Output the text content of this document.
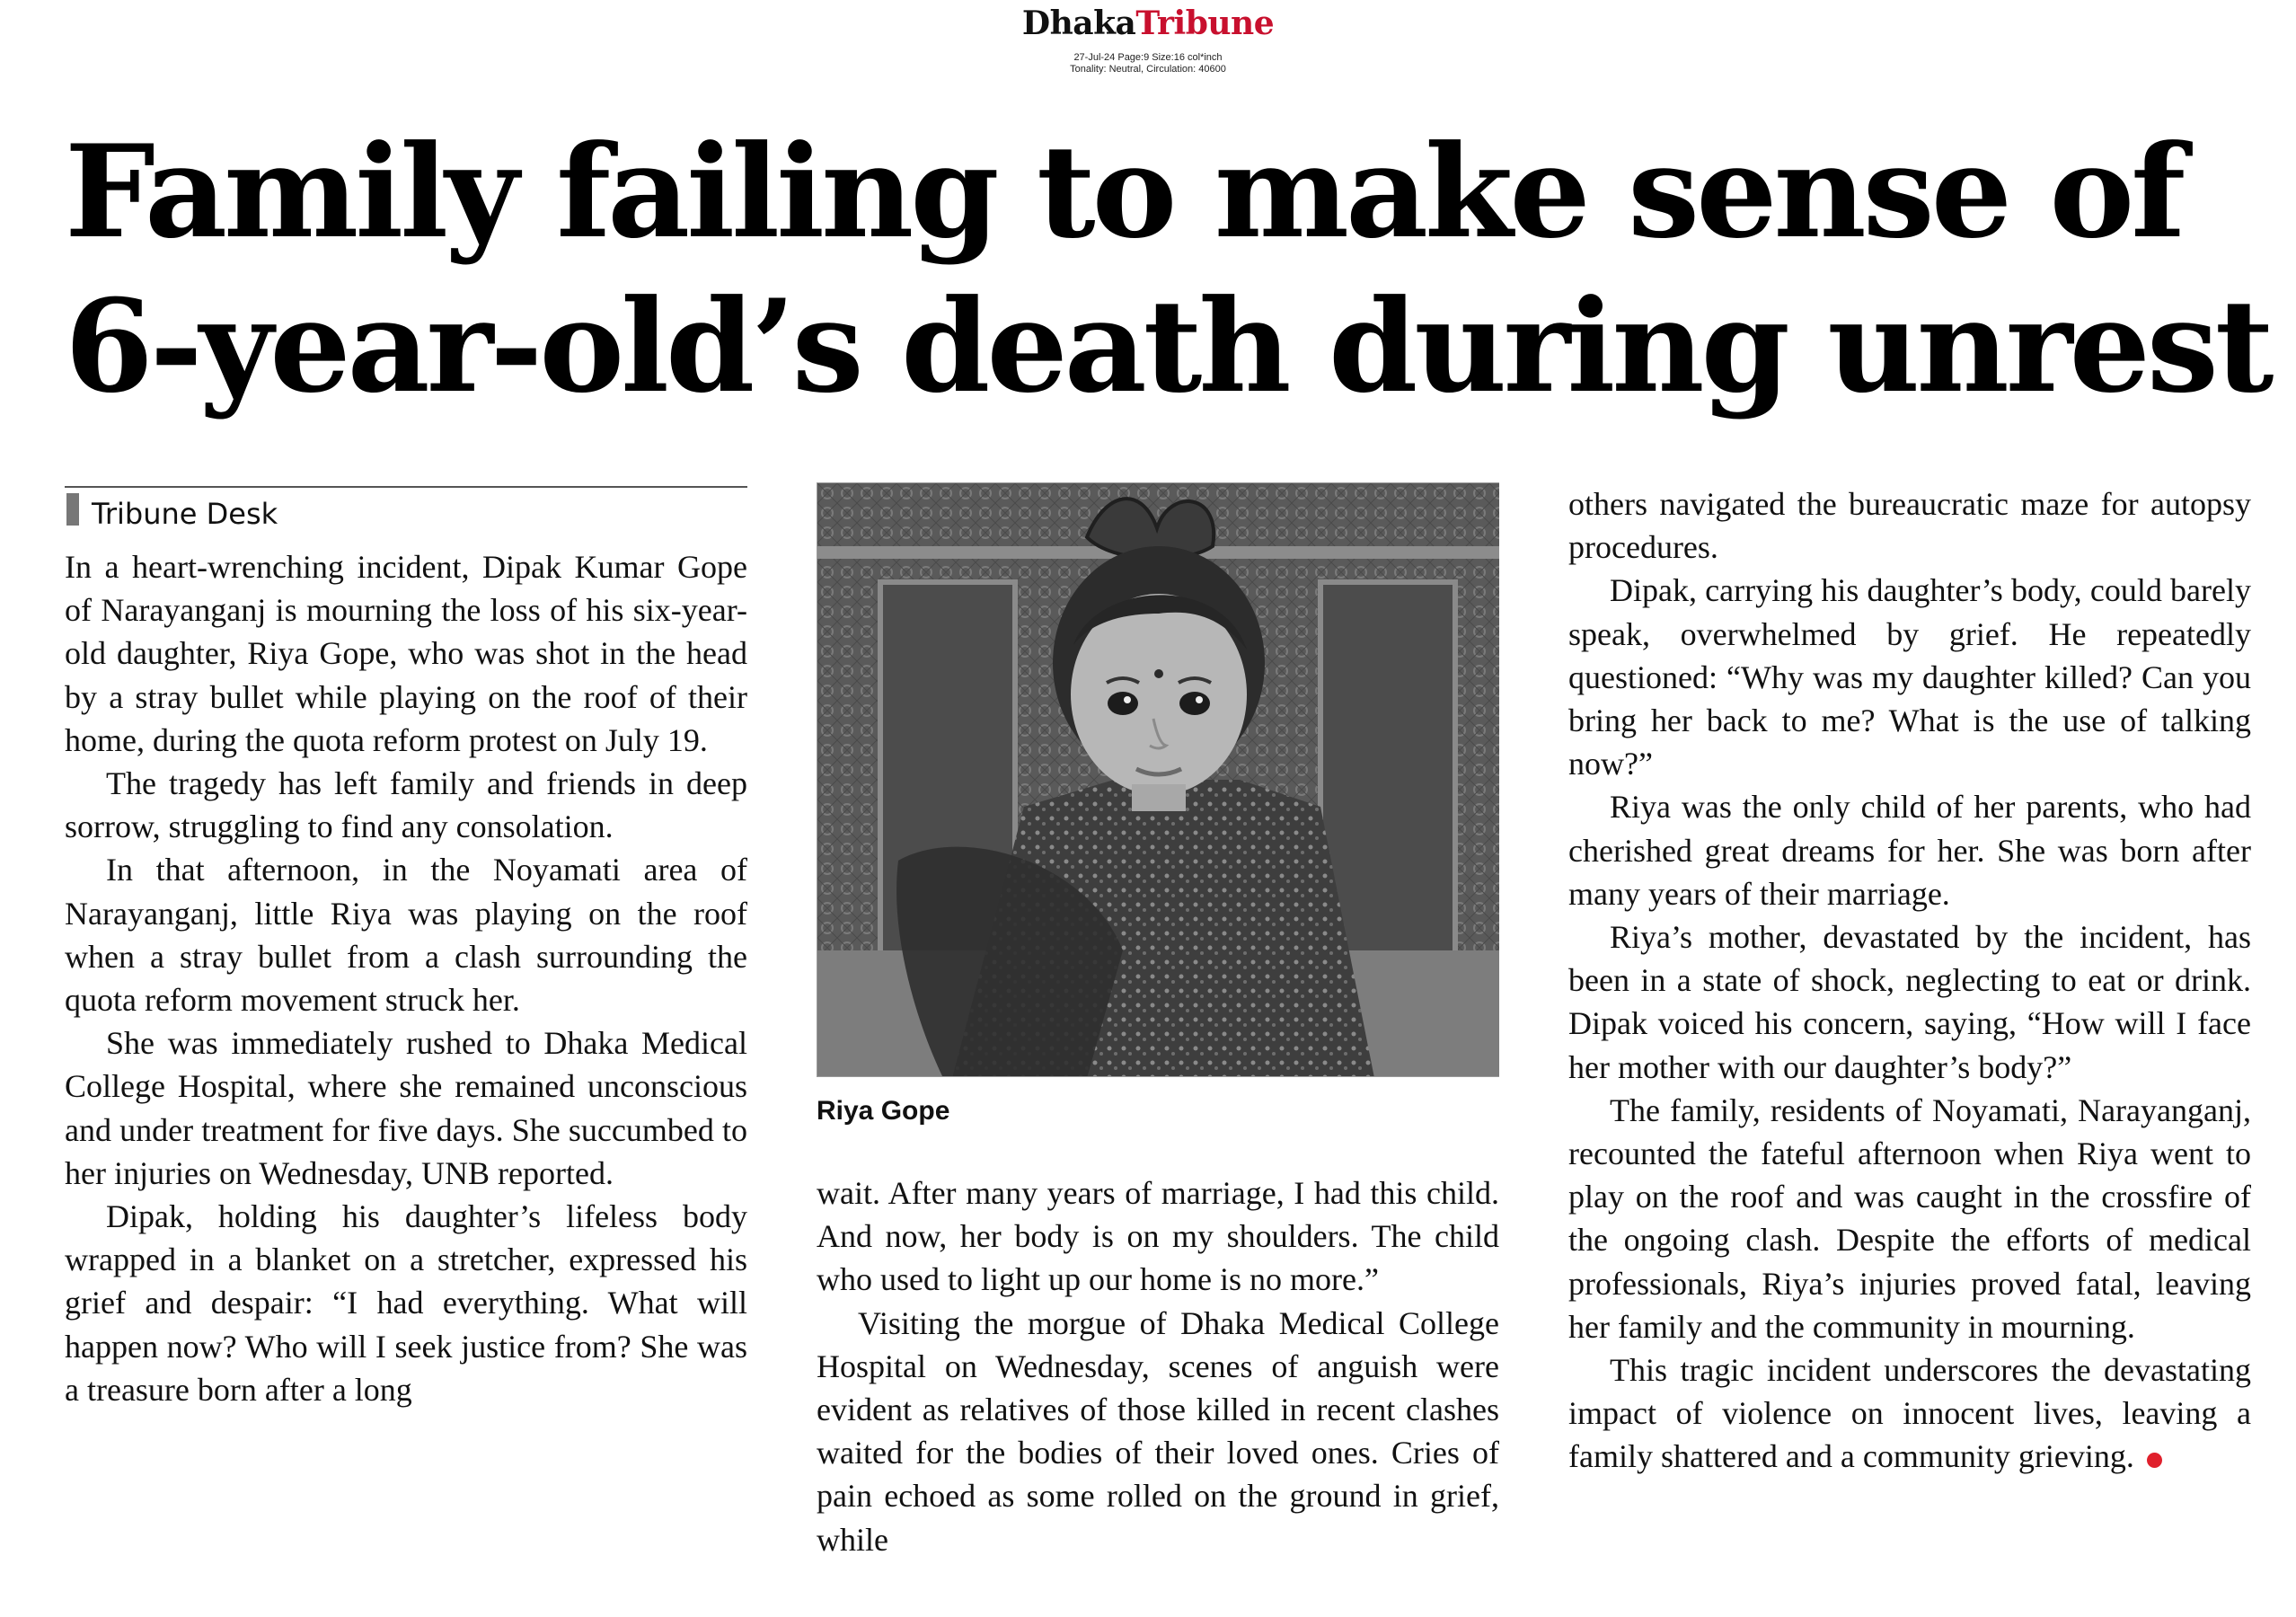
DhakaTribune
27-Jul-24 Page:9 Size:16 col*inch
Tonality: Neutral, Circulation: 40600
Family failing to make sense of
6-year-old’s death during unrest
Tribune Desk

In a heart-wrenching incident, Dipak Kumar Gope of Narayanganj is mourning the loss of his six-year-old daughter, Riya Gope, who was shot in the head by a stray bullet while playing on the roof of their home, during the quota reform protest on July 19.

The tragedy has left family and friends in deep sorrow, struggling to find any consolation.

In that afternoon, in the Noyamati area of Narayanganj, little Riya was playing on the roof when a stray bullet from a clash surrounding the quota reform movement struck her.

She was immediately rushed to Dhaka Medical College Hospital, where she remained unconscious and under treatment for five days. She succumbed to her injuries on Wednesday, UNB reported.

Dipak, holding his daughter’s lifeless body wrapped in a blanket on a stretcher, expressed his grief and despair: “I had everything. What will happen now? Who will I seek justice from? She was a treasure born after a long

Riya Gope

wait. After many years of marriage, I had this child. And now, her body is on my shoulders. The child who used to light up our home is no more.”

Visiting the morgue of Dhaka Medical College Hospital on Wednesday, scenes of anguish were evident as relatives of those killed in recent clashes waited for the bodies of their loved ones. Cries of pain echoed as some rolled on the ground in grief, while

others navigated the bureaucratic maze for autopsy procedures.

Dipak, carrying his daughter’s body, could barely speak, overwhelmed by grief. He repeatedly questioned: “Why was my daughter killed? Can you bring her back to me? What is the use of talking now?”

Riya was the only child of her parents, who had cherished great dreams for her. She was born after many years of their marriage.

Riya’s mother, devastated by the incident, has been in a state of shock, neglecting to eat or drink. Dipak voiced his concern, saying, “How will I face her mother with our daughter’s body?”

The family, residents of Noyamati, Narayanganj, recounted the fateful afternoon when Riya went to play on the roof and was caught in the crossfire of the ongoing clash. Despite the efforts of medical professionals, Riya’s injuries proved fatal, leaving her family and the community in mourning.

This tragic incident underscores the devastating impact of violence on innocent lives, leaving a family shattered and a community grieving.
